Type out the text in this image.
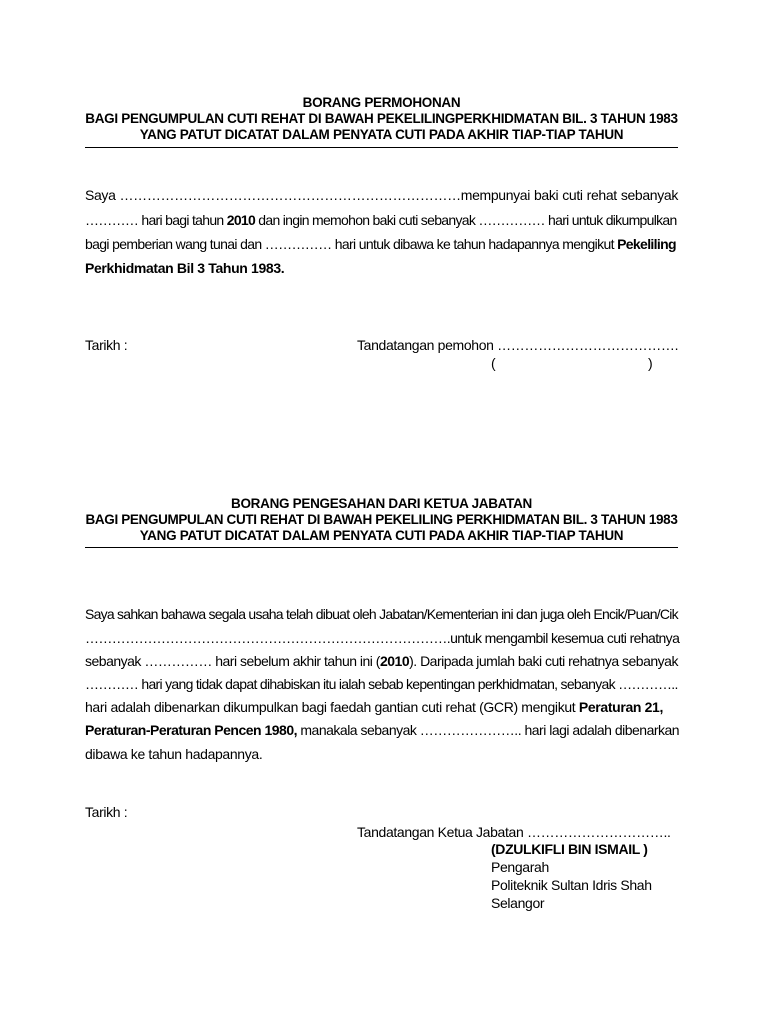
BORANG PERMOHONAN
BAGI PENGUMPULAN CUTI REHAT DI BAWAH PEKELILINGPERKHIDMATAN BIL. 3 TAHUN 1983
YANG PATUT DICATAT DALAM PENYATA CUTI PADA AKHIR TIAP-TIAP TAHUN
Saya …………………………………………………………………mempunyai baki cuti rehat sebanyak
………… hari bagi tahun 2010 dan ingin memohon baki cuti sebanyak …………… hari untuk dikumpulkan
bagi pemberian wang tunai dan …………… hari untuk dibawa ke tahun hadapannya mengikut Pekeliling
Perkhidmatan Bil 3 Tahun 1983.
Tarikh :	Tandatangan pemohon ………………………………….
(	)
BORANG PENGESAHAN DARI KETUA JABATAN
BAGI PENGUMPULAN CUTI REHAT DI BAWAH PEKELILING PERKHIDMATAN BIL. 3 TAHUN 1983
YANG PATUT DICATAT DALAM PENYATA CUTI PADA AKHIR TIAP-TIAP TAHUN
Saya sahkan bahawa segala usaha telah dibuat oleh Jabatan/Kementerian ini dan juga oleh Encik/Puan/Cik
………………………………………………………………………. untuk mengambil kesemua cuti rehatnya
sebanyak …………… hari sebelum akhir tahun ini (2010). Daripada jumlah baki cuti rehatnya sebanyak
………… hari yang tidak dapat dihabiskan itu ialah sebab kepentingan perkhidmatan, sebanyak …………..
hari adalah dibenarkan dikumpulkan bagi faedah gantian cuti rehat (GCR) mengikut Peraturan 21,
Peraturan-Peraturan Pencen 1980, manakala sebanyak ………………….. hari lagi adalah dibenarkan
dibawa ke tahun hadapannya.
Tarikh :
Tandatangan Ketua Jabatan …………………………..
(DZULKIFLI BIN ISMAIL )
Pengarah
Politeknik Sultan Idris Shah
Selangor
